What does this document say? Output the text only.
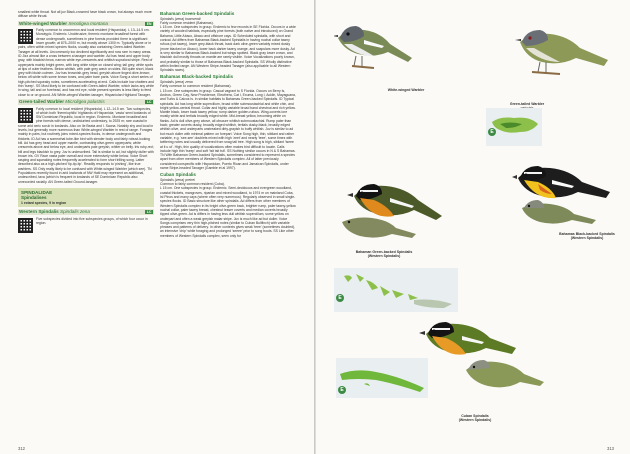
smallest white throat. Not all juv Black-crowned have black crown, but always much more diffuse white throat.

White-winged Warbler Xenoligea montana	EN

Fairly common to uncommon and local resident (Hispaniola). L 13–14.5 cm. Monotypic. Endemic. Unobtrusive, thermic montane broadleaf forest with dense undergrowth, sometimes in pine forests provided there is significant lower growth; at 875–2000 m, but mostly above 1300 m. Typically alone or in pairs, often within mixed species flocks, usually also containing Green-tailed Warbler. Tanager at all levels. Uncommonly too declined significantly and now rare in many areas. ID Jizz almost like a cross between a tanager and warbler. Ad has head and upper body gray, with blackish brow, narrow white eye-crescents and whitish supraloral stripe. Rest of upperparts mainly bright green, with long white stripe on closed wing; tail grey, white spots at tips of outer feathers. Below whitish, with pale grey wash on sides. Bill quite short, black grey with bluish culmen. Juv has brownish-grey head, greyish above tinged olive-brown; below off-white with some brown tones, and paler bare parts. Voice Song a short series of high-pitched squeaky notes, sometimes accelerating at end. Calls include low chatters and thin 'tseep'. SS Most likely to be confused with Green-tailed Warbler, which lacks any white in wing, tail and on forehead, and has red eye, while present species is less likely to feed close to or on ground. AN White-winged Warbler-tanager, Hispaniolan Highland Tanager.

Green-tailed Warbler Microligea palustris	LC

Fairly common to local resident (Hispaniola). L 12–14.5 cm. Two subspecies, of which both 'thermiophilic' highlands of Hispaniola; 'vasta' semi lowlands of SW Dominican Republic, local in region. Endemic. Montane broadleaf and pine forests with dense, undisturbed understory, to 2925 m; rare coastal in some arid xeric scrub in lowlands. Also on Ile Beata and I. Saona. Notably shy and local in levels, but generally more numerous than White-winged Warbler in rest of range. Forages mainly in pairs, but routinely joins mixed-species flocks, in dense undergrowth and thickets. ID Ad has a somewhat tube-like bird with slender body and fairly robust-looking bill. Ad has grey head and upper mantle, contrasting olive-green upperparts; white crescents above and below eye, and underparts pale greyish, whiter on belly. Iris ruby-red; bill and legs blackish to grey. Juv is undescribed. Tail is similar to ad, but slightly duller with brown iris. GV Race vasta paler overall and more extensively white below. Voice Short rasping and squeaking notes frequently accelerated to form short trilling song. Latter described also as a high-pitched 'tip-tip-tip'. Readily responds to 'pishing', like true warblers. SS Only really likely to be confused with White-winged Warbler (which see). TN Populations recently found in arid lowlands of NW Haiti may represent an additional, undescribed, taxa (which is frequent in lowlands of SE Dominican Republic also unrecorded racially. AN Green-tailed Ground-tanager.

SPINDALIDAE
Spindalises
1 extant species, 9 in region
Western Spindalis Spindalis zena	LC

Five subspecies divided into five subspecies groups, of which four occur in region.

Bahaman Green-backed Spindalis
Spindalis (zena) townsendi
Fairly common resident (Bahamas).

L 15 cm. One subspecies in group. Endemic to few records in SE Florida. Occurs in a wide variety of wooded habitats, especially pine forests (both native and introduced) on Grand Bahama, Little Abaco, Abaco and offshore cays. ID Scheduled spindalis, with short and conical. Ad differs from Bahamas Black-backed Spindalis in having nuchal collar tawny rufous (not tawny), lower grey-black throat, back dark olive-green variably mixed dusky (more blacked on Abaco), lower back darker tawny orange, and scapulars more dusky. Ad is very similar to Bahamas Black-backed but wings spotted. Black gray lower crown, and blackish dull mostly throats on mantle are rarely visible. Voice Vocalizations poorly known, and probably similar to those of Bahamas Black-backed Spindalis. SS Wholly distinctive within limited range. AN Western Stripe-headed Tanager (also applicable to all Western Spindalis races).

Bahamas Black-backed Spindalis
Spindalis (zena) zena
Fairly common to common resident (Bahamas).

L 15 cm. One subspecies in group. Casual vagrant to S Florida. Occurs on Berry Is, Andros, Green Cay, New Providence, Eleuthera, Cat I, Exuma, Long I, Acklin, Mayaguana, and Turks & Caicos Is. in similar habitats to Bahamas Green-backed Spindalis. ID Typical spindalis. Ad has long white supercilium, broad white submoustachial and white chin, and bright yellow-central throat. Collar and highly variable broad band chestnut and rich yellow. Mantle black, lower back tawny yellow, rump darker golden-rufous. Wing-coverts lore mostly white and tertials broadly edged white. Mid-breast yellow, becoming white on flanks. Ad is dull olive-grey above, all obscure whitish submoustachial. Rump paler than back; greater coverts dusky, broadly edged whitish, tertials dusky-black, broadly edged whitish olive, and underparts unstreaked dirty-grayish to buffy whitish. Juv is similar to ad but much duller with minimal pattern on forepart. Voice Song high, thin, sibilant and rather variable, e.g. 'see-see' doublets mixed with high 'zeet' and nearly 'teee', some times with twittering notes and usually delivered from snag tall tree. High song is high, sibilant 'tseee at it u ut'. High, thin quality of vocalizations often makes bird difficult to locate. Calls include high thin 'tseep' and soft 'tsit tsit tsit'. SS Nothing similar occurs in N & S Bahamas. TN With Bahaman Green-backed Spindalis, sometimes considered to represent a species apart from other members of Western Spindalis complex. All of latter previously considered conspecific with Hispaniolan, Puerto Rican and Jamaican Spindalis, under name Stripe-headed Tanager (Gamble et al 1997).

Cuban Spindalis
Spindalis (zena) pretrei
Common to fairly common resident (Cuba).

L 15 cm. One subspecies in group. Endemic. Semi-deciduous and evergreen woodland, coastal thickets, mangroves, riparian and mixed woodland, to 1974 m on mainland Cuba, Isl Pinos and many cays (where often very numerous). Regularly observed in small single-species flocks. ID Basic structure like other spindalis. Ad differs from other members of Western Spindalis complex in its bright olive-green back, brighter rump, paler tawny-yellow nuchal collar, paler tawny breast, chestnut lesser coverts and median coverts broadly tipped olive-green. Ad is differs in having less dull whitish supercilium, some yellow on underpart and often a weak greyish malar stripe. Juv is much like ad but duller. Voice Songs comprises very thin high-pitched notes (similar to Cuban Bullfinch) with variable phrases and patterns of delivery. In other contexts gives weak 'teee' (sometimes doubled), an intensive 'chip' while foraging and prolonged 'seeee' prior to song bouts. SS Like other members of Western Spindalis complex, seen only for

312
White-winged Warbler
Green-tailed Warbler

E
Bahamas Black-backed Spindalis
(Western Spindalis)
Bahaman Green-backed Spindalis
(Western Spindalis)
E
Cuban Spindalis
(Western Spindalis)
E
313
